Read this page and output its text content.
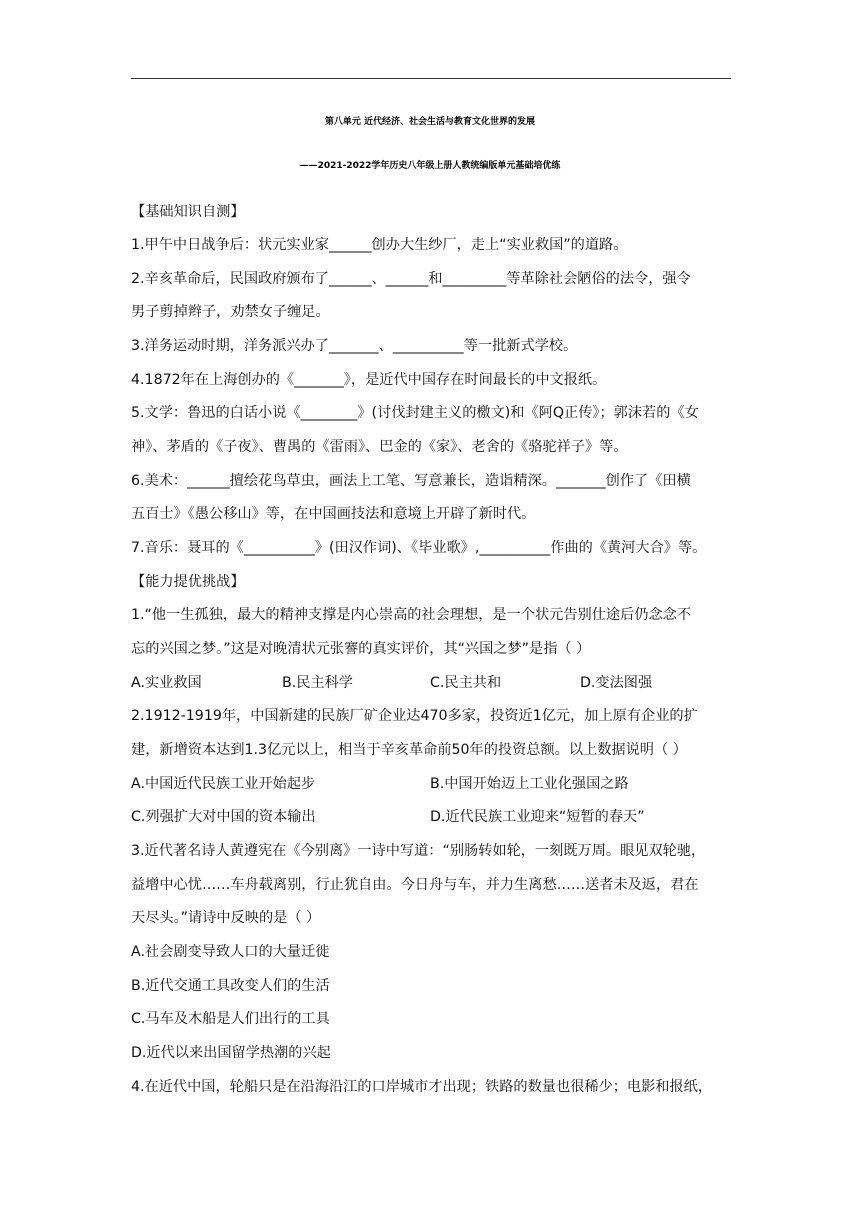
第八单元 近代经济、社会生活与教育文化世界的发展
——2021-2022学年历史八年级上册人教统编版单元基础培优练
【基础知识自测】
1.甲午中日战争后：状元实业家______创办大生纱厂，走上“实业救国”的道路。
2.辛亥革命后，民国政府颁布了______、______和_________等革除社会陋俗的法令，强令
男子剪掉辫子，劝禁女子缠足。
3.洋务运动时期，洋务派兴办了_______、__________等一批新式学校。
4.1872年在上海创办的《_______》，是近代中国存在时间最长的中文报纸。
5.文学：鲁迅的白话小说《________》(讨伐封建主义的檄文)和《阿Q正传》；郭沫若的《女
神》、茅盾的《子夜》、曹禺的《雷雨》、巴金的《家》、老舍的《骆驼祥子》等。
6.美术：______擅绘花鸟草虫，画法上工笔、写意兼长，造诣精深。_______创作了《田横
五百士》《愚公移山》等，在中国画技法和意境上开辟了新时代。
7.音乐：聂耳的《__________》(田汉作词)、《毕业歌》,__________作曲的《黄河大合》等。
【能力提优挑战】
1.“他一生孤独，最大的精神支撑是内心崇高的社会理想，是一个状元告别仕途后仍念念不
忘的兴国之梦。”这是对晚清状元张謇的真实评价，其“兴国之梦”是指（ ）
A.实业救国	B.民主科学	C.民主共和	D.变法图强
2.1912-1919年，中国新建的民族厂矿企业达470多家，投资近1亿元，加上原有企业的扩
建，新增资本达到1.3亿元以上，相当于辛亥革命前50年的投资总额。以上数据说明（ ）
A.中国近代民族工业开始起步	B.中国开始迈上工业化强国之路
C.列强扩大对中国的资本输出	D.近代民族工业迎来“短暂的春天”
3.近代著名诗人黄遵宪在《今别离》一诗中写道：“别肠转如轮，一刻既万周。眼见双轮驰，
益增中心忧……车舟载离别，行止犹自由。今日舟与车，并力生离愁……送者未及返，君在
天尽头。”请诗中反映的是（ ）
A.社会剧变导致人口的大量迁徙
B.近代交通工具改变人们的生活
C.马车及木船是人们出行的工具
D.近代以来出国留学热潮的兴起
4.在近代中国，轮船只是在沿海沿江的口岸城市才出现；铁路的数量也很稀少；电影和报纸，
